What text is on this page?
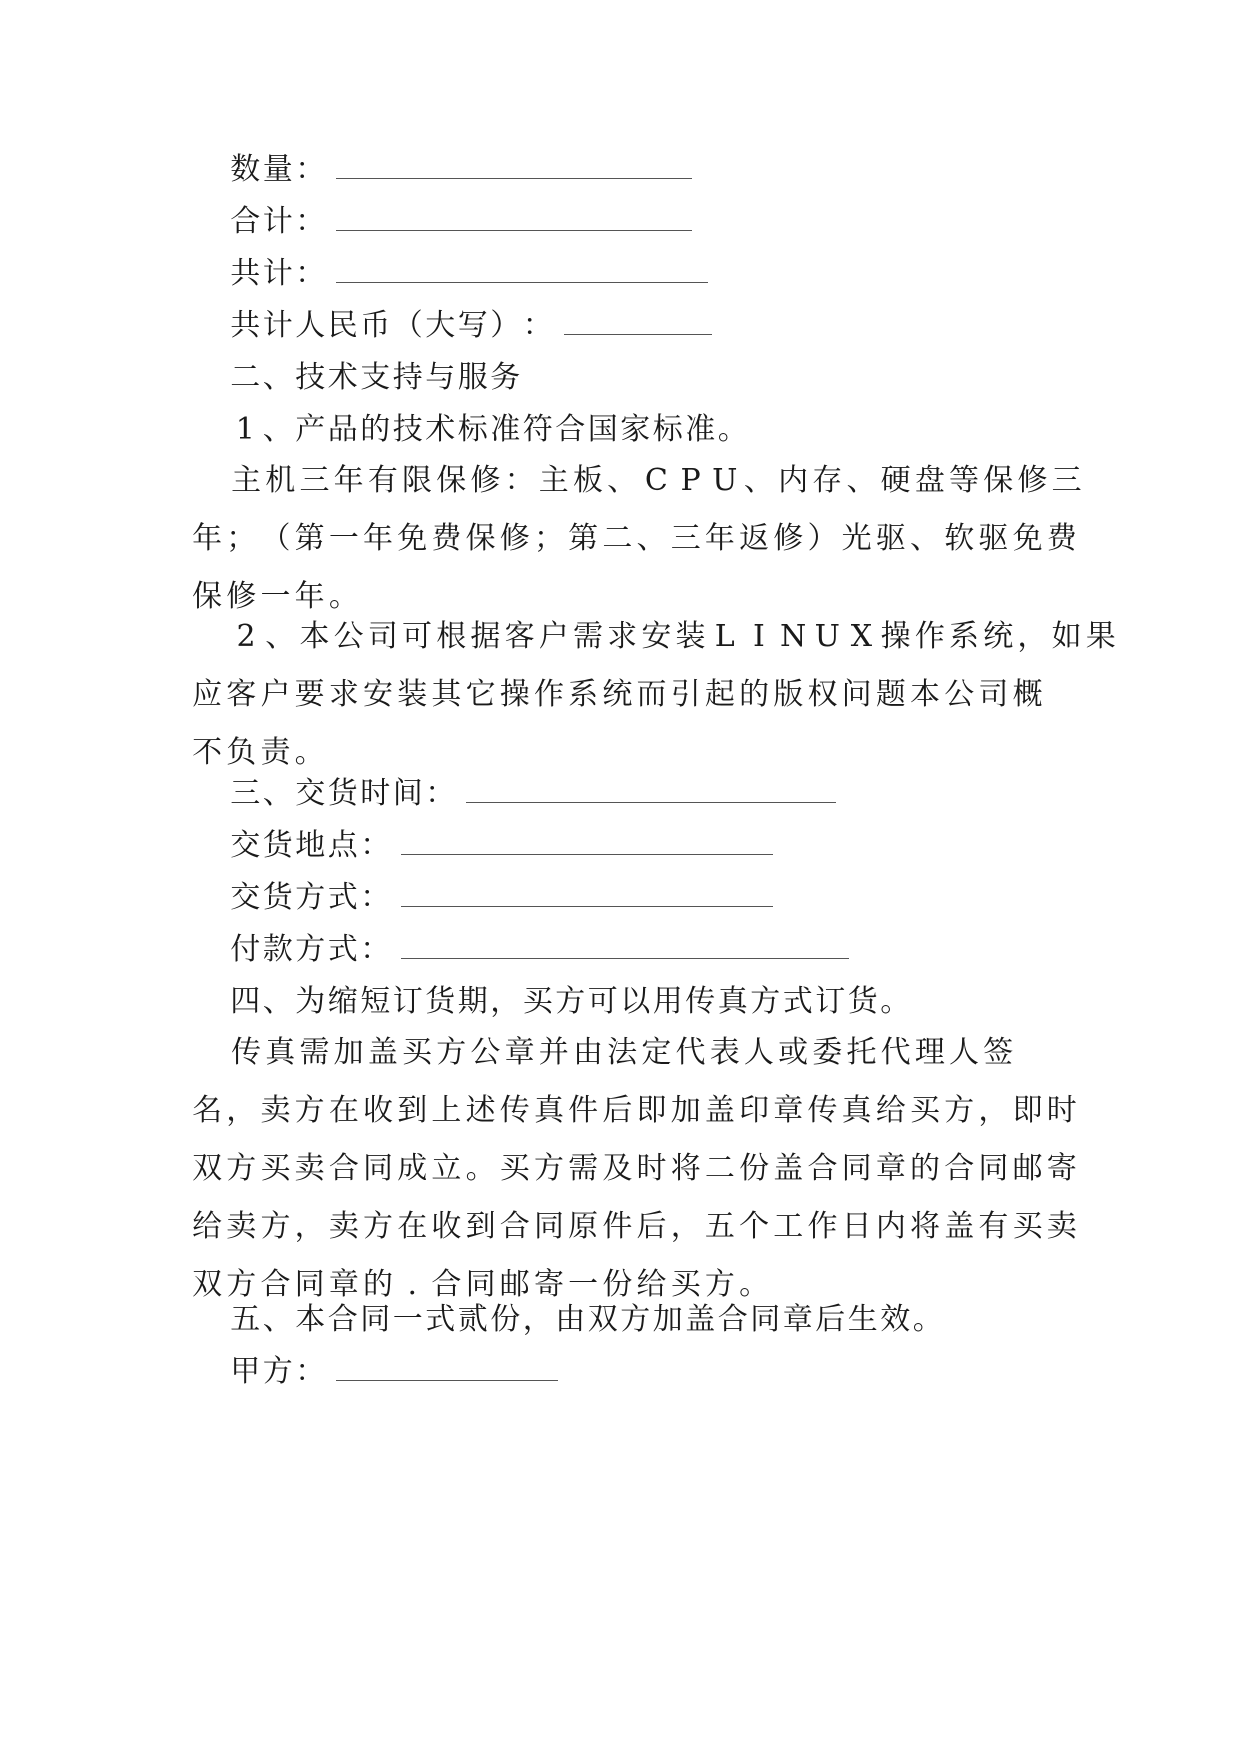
数量：
合计：
共计：
共计人民币（大写）：
二、技术支持与服务
1 、产品的技术标准符合国家标准。
主 机 三 年 有 限 保 修 ： 主 板 、 C P U 、 内 存 、 硬 盘 等 保 修 三
年 ； （ 第 一 年 免 费 保 修 ； 第 二 、 三 年 返 修 ） 光 驱 、 软 驱 免 费
保 修 一 年 。
2 、 本 公 司 可 根 据 客 户 需 求 安 装 L I N U X 操 作 系 统 ， 如 果
应 客 户 要 求 安 装 其 它 操 作 系 统 而 引 起 的 版 权 问 题 本 公 司 概
不 负 责 。
三、交货时间：
交货地点：
交货方式：
付款方式：
四、为缩短订货期，买方可以用传真方式订货。
传 真 需 加 盖 买 方 公 章 并 由 法 定 代 表 人 或 委 托 代 理 人 签
名 ， 卖 方 在 收 到 上 述 传 真 件 后 即 加 盖 印 章 传 真 给 买 方 ， 即 时
双 方 买 卖 合 同 成 立 。 买 方 需 及 时 将 二 份 盖 合 同 章 的 合 同 邮 寄
给 卖 方 ， 卖 方 在 收 到 合 同 原 件 后 ， 五 个 工 作 日 内 将 盖 有 买 卖
双 方 合 同 章 的 . 合 同 邮 寄 一 份 给 买 方 。
五、本合同一式贰份，由双方加盖合同章后生效。
甲方：
